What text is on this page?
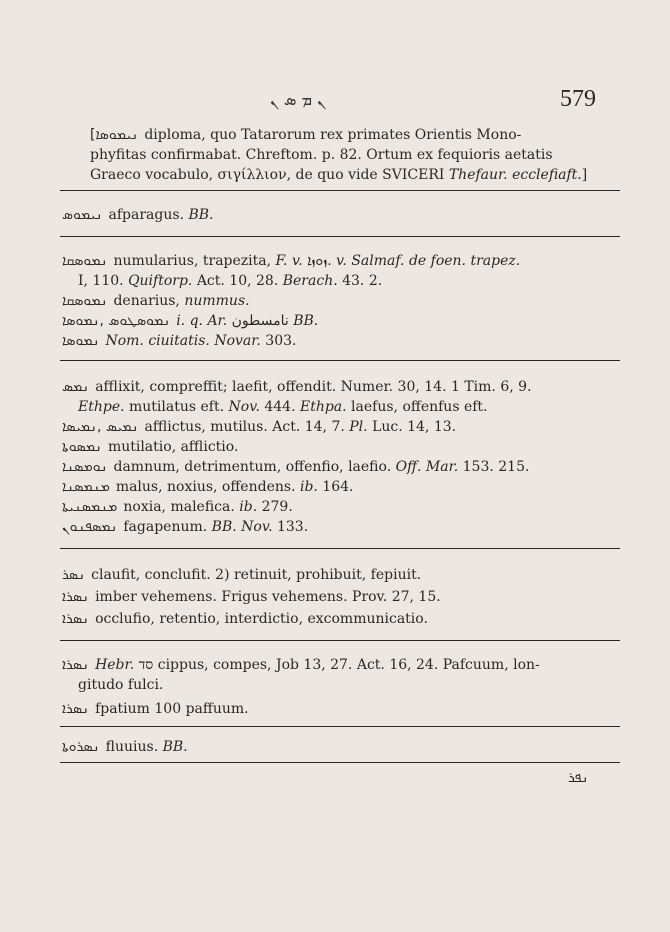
ܢ ܡ ܣ ܢ	579
[ܢܝܡܘܣܐ diploma, quo Tatarorum rex primates Orientis Mono-
phyfitas confirmabat. Chreftom. p. 82. Ortum ex fequioris aetatis
Graeco vocabulo, σιγίλλιον, de quo vide SVICERI Thefaur. ecclefiaft.]
ܢܝܡܘܣ afparagus. BB.
ܢܡܘܣܩܐ numularius, trapezita, F. v. ܙܘܙܐ. v. Salmaf. de foen. trapez.
I, 110. Quiftorp. Act. 10, 28. Berach. 43. 2.
ܢܡܘܣܩܐ denarius, nummus.
ܢܡܘܣܛܘܣ ,ܢܡܘܣܐ i. q. Ar. نامسطون BB.
ܢܡܘܣܐ Nom. ciuitatis. Novar. 303.
ܢܡܣ afflixit, compreffit; laefit, offendit. Numer. 30, 14. 1 Tim. 6, 9.
Ethpe. mutilatus eft. Nov. 444. Ethpa. laefus, offenfus eft.
ܢܡܝܣ ,ܢܡܝܣܐ afflictus, mutilus. Act. 14, 7. Pl. Luc. 14, 13.
ܢܡܣܘܬܐ mutilatio, afflictio.
ܢܘܡܣܢܐ damnum, detrimentum, offenfio, laefio. Off. Mar. 153. 215.
ܡܢܡܣܢܐ malus, noxius, offendens. ib. 164.
ܡܢܡܣܢܝܬܐ noxia, malefica. ib. 279.
ܢܡܣܦܢܘܢ fagapenum. BB. Nov. 133.
ܢܣܪ claufit, conclufit. 2) retinuit, prohibuit, fepiuit.
ܢܣܪܐ imber vehemens. Frigus vehemens. Prov. 27, 15.
ܢܣܪܐ occlufio, retentio, interdictio, excommunicatio.
ܢܣܪܐ Hebr. סד cippus, compes, Job 13, 27. Act. 16, 24. Pafcuum, lon-
gitudo fulci.
ܢܣܪܐ fpatium 100 paffuum.
ܢܣܪܘܬܐ fluuius. BB.
ܢܦܪ
